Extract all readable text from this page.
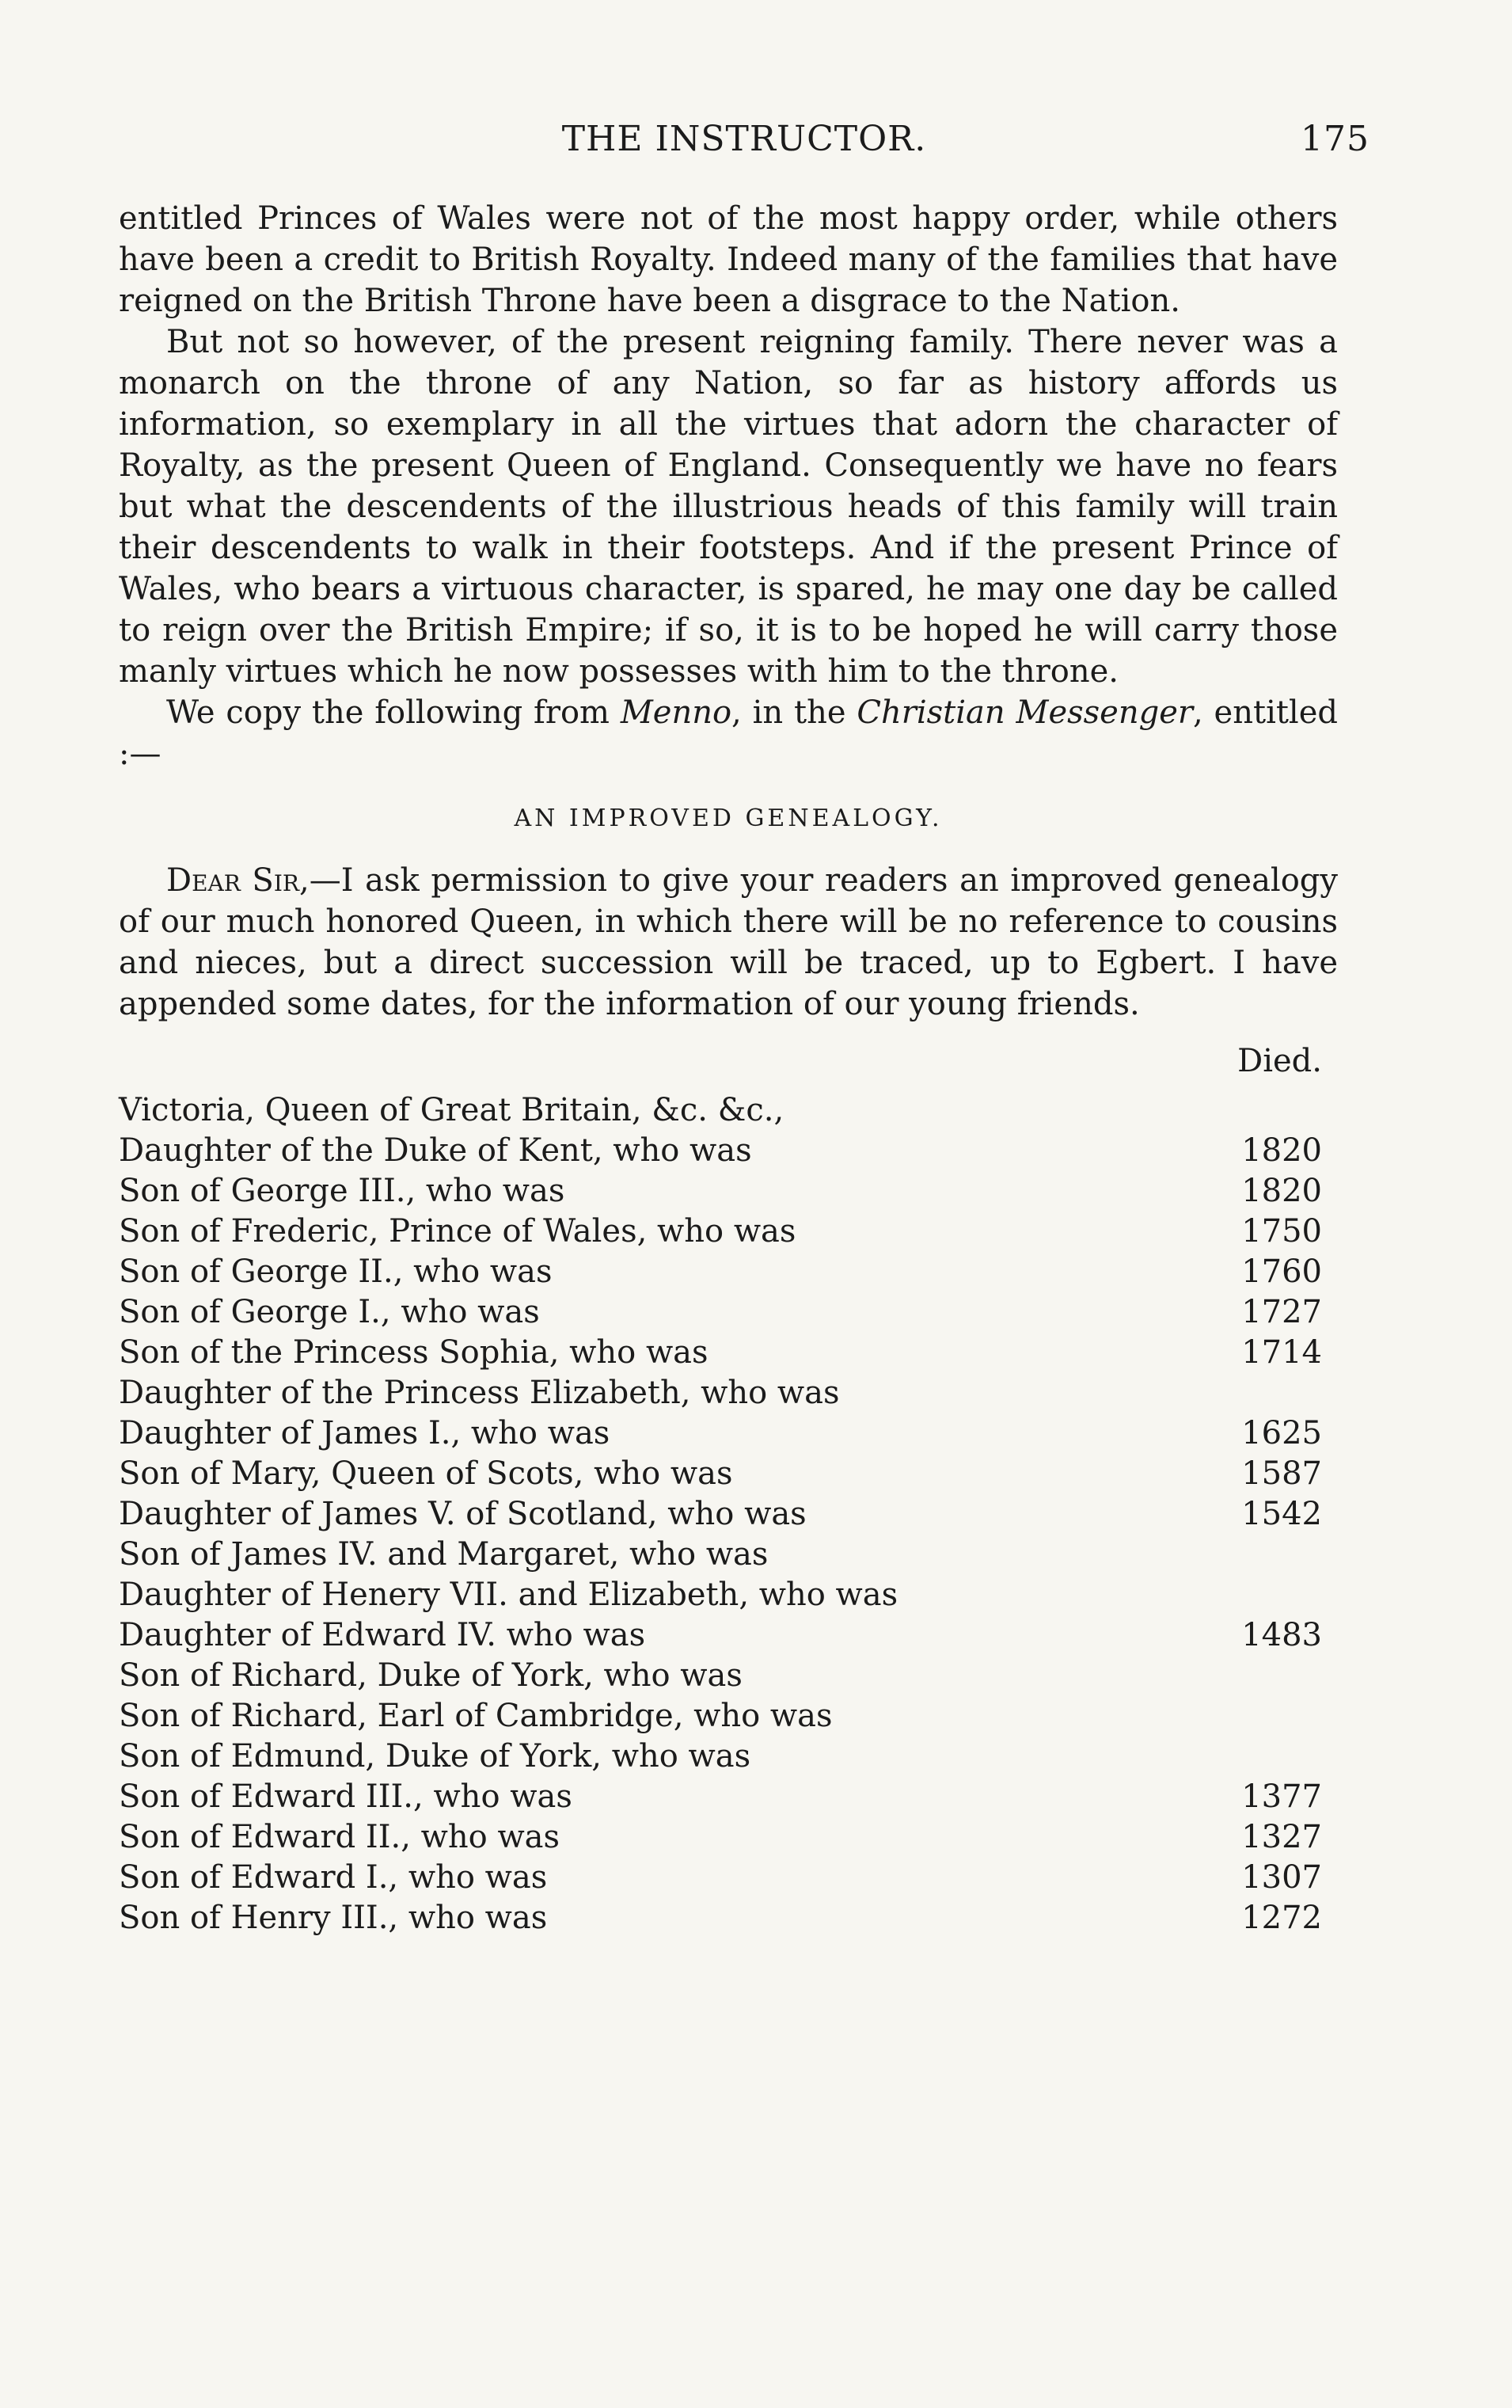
THE INSTRUCTOR.	175

entitled Princes of Wales were not of the most happy order, while others have been a credit to British Royalty. Indeed many of the families that have reigned on the British Throne have been a disgrace to the Nation.

But not so however, of the present reigning family. There never was a monarch on the throne of any Nation, so far as history affords us information, so exemplary in all the virtues that adorn the character of Royalty, as the present Queen of England. Consequently we have no fears but what the descendents of the illustrious heads of this family will train their descendents to walk in their footsteps. And if the present Prince of Wales, who bears a virtuous character, is spared, he may one day be called to reign over the British Empire; if so, it is to be hoped he will carry those manly virtues which he now possesses with him to the throne.

We copy the following from Menno, in the Christian Messenger, entitled :—

AN IMPROVED GENEALOGY.

Dear Sir,—I ask permission to give your readers an improved genealogy of our much honored Queen, in which there will be no reference to cousins and nieces, but a direct succession will be traced, up to Egbert. I have appended some dates, for the information of our young friends.

Died.
Victoria, Queen of Great Britain, &c. &c.,
Daughter of the Duke of Kent, who was	1820
Son of George III., who was	1820
Son of Frederic, Prince of Wales, who was	1750
Son of George II., who was	1760
Son of George I., who was	1727
Son of the Princess Sophia, who was	1714
Daughter of the Princess Elizabeth, who was
Daughter of James I., who was	1625
Son of Mary, Queen of Scots, who was	1587
Daughter of James V. of Scotland, who was	1542
Son of James IV. and Margaret, who was
Daughter of Henery VII. and Elizabeth, who was
Daughter of Edward IV. who was	1483
Son of Richard, Duke of York, who was
Son of Richard, Earl of Cambridge, who was
Son of Edmund, Duke of York, who was
Son of Edward III., who was	1377
Son of Edward II., who was	1327
Son of Edward I., who was	1307
Son of Henry III., who was	1272
